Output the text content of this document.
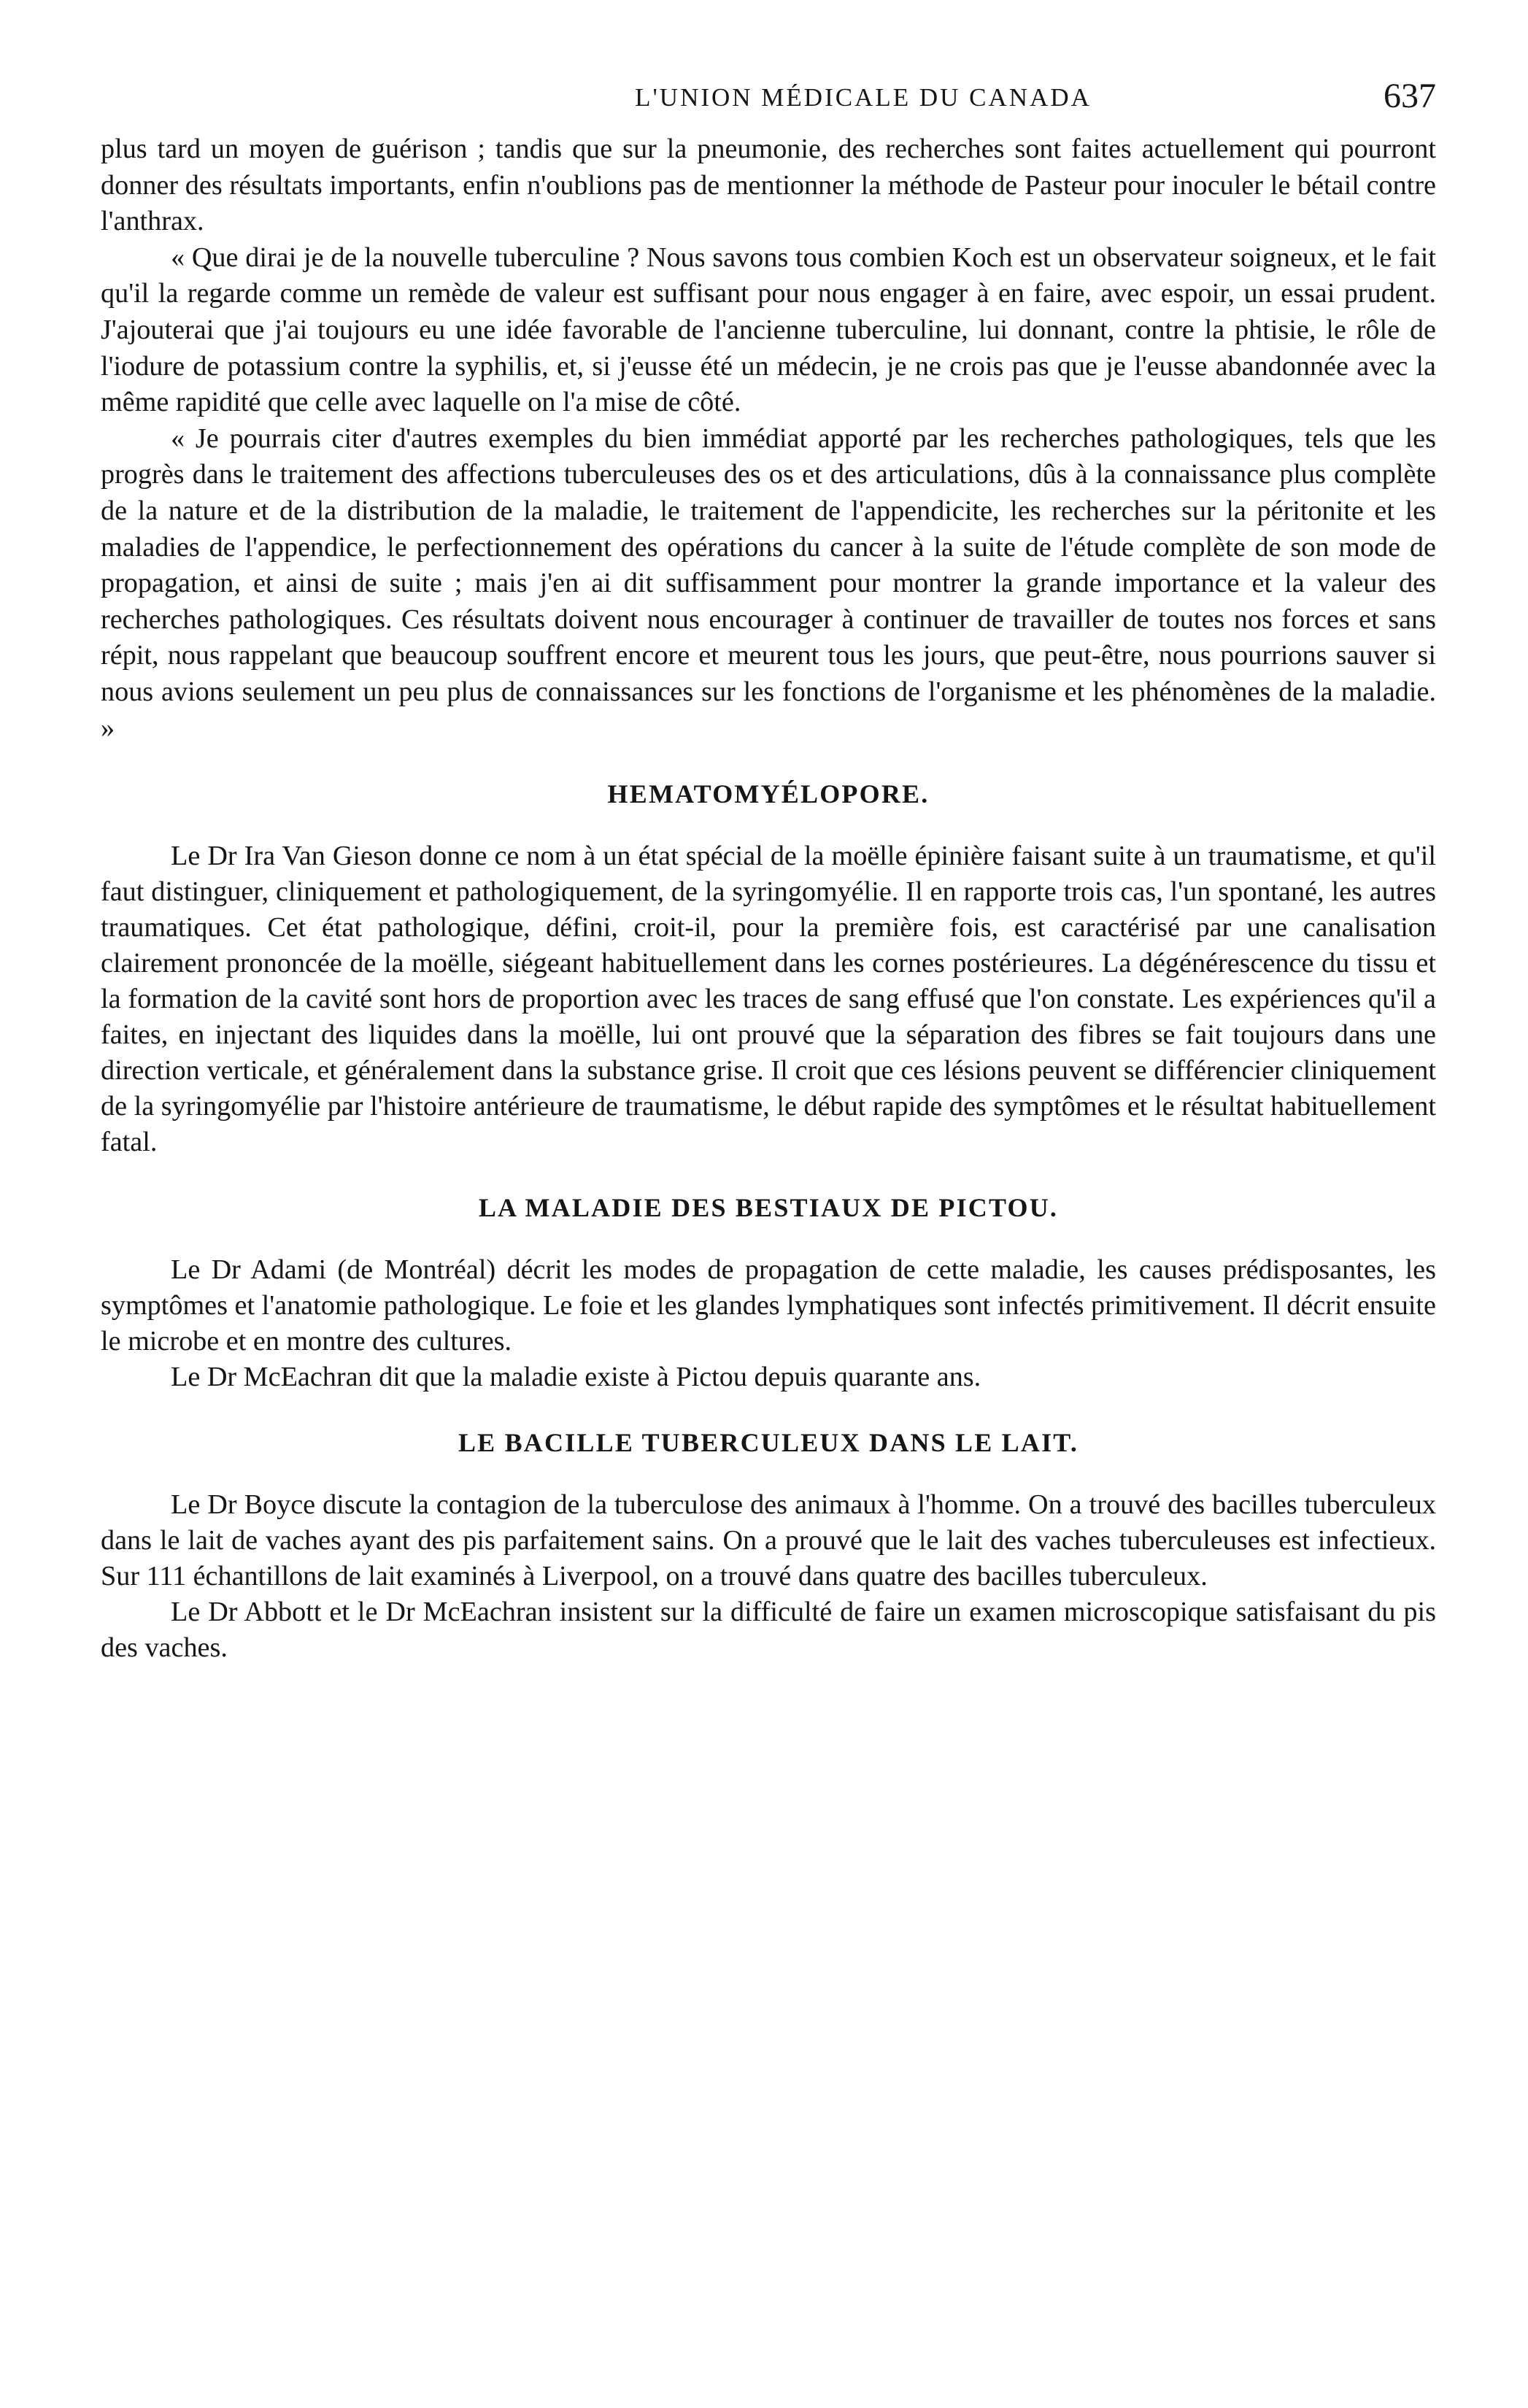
L'UNION MÉDICALE DU CANADA	637

plus tard un moyen de guérison ; tandis que sur la pneumonie, des recherches sont faites actuellement qui pourront donner des résultats importants, enfin n'oublions pas de mentionner la méthode de Pasteur pour inoculer le bétail contre l'anthrax.

« Que dirai je de la nouvelle tuberculine ? Nous savons tous combien Koch est un observateur soigneux, et le fait qu'il la regarde comme un remède de valeur est suffisant pour nous engager à en faire, avec espoir, un essai prudent. J'ajouterai que j'ai toujours eu une idée favorable de l'ancienne tuberculine, lui donnant, contre la phtisie, le rôle de l'iodure de potassium contre la syphilis, et, si j'eusse été un médecin, je ne crois pas que je l'eusse abandonnée avec la même rapidité que celle avec laquelle on l'a mise de côté.

« Je pourrais citer d'autres exemples du bien immédiat apporté par les recherches pathologiques, tels que les progrès dans le traitement des affections tuberculeuses des os et des articulations, dûs à la connaissance plus complète de la nature et de la distribution de la maladie, le traitement de l'appendicite, les recherches sur la péritonite et les maladies de l'appendice, le perfectionnement des opérations du cancer à la suite de l'étude complète de son mode de propagation, et ainsi de suite ; mais j'en ai dit suffisamment pour montrer la grande importance et la valeur des recherches pathologiques. Ces résultats doivent nous encourager à continuer de travailler de toutes nos forces et sans répit, nous rappelant que beaucoup souffrent encore et meurent tous les jours, que peut-être, nous pourrions sauver si nous avions seulement un peu plus de connaissances sur les fonctions de l'organisme et les phénomènes de la maladie. »

HEMATOMYÉLOPORE.

Le Dr Ira Van Gieson donne ce nom à un état spécial de la moëlle épinière faisant suite à un traumatisme, et qu'il faut distinguer, cliniquement et pathologiquement, de la syringomyélie. Il en rapporte trois cas, l'un spontané, les autres traumatiques. Cet état pathologique, défini, croit-il, pour la première fois, est caractérisé par une canalisation clairement prononcée de la moëlle, siégeant habituellement dans les cornes postérieures. La dégénérescence du tissu et la formation de la cavité sont hors de proportion avec les traces de sang effusé que l'on constate. Les expériences qu'il a faites, en injectant des liquides dans la moëlle, lui ont prouvé que la séparation des fibres se fait toujours dans une direction verticale, et généralement dans la substance grise. Il croit que ces lésions peuvent se différencier cliniquement de la syringomyélie par l'histoire antérieure de traumatisme, le début rapide des symptômes et le résultat habituellement fatal.

LA MALADIE DES BESTIAUX DE PICTOU.

Le Dr Adami (de Montréal) décrit les modes de propagation de cette maladie, les causes prédisposantes, les symptômes et l'anatomie pathologique. Le foie et les glandes lymphatiques sont infectés primitivement. Il décrit ensuite le microbe et en montre des cultures.

Le Dr McEachran dit que la maladie existe à Pictou depuis quarante ans.

LE BACILLE TUBERCULEUX DANS LE LAIT.

Le Dr Boyce discute la contagion de la tuberculose des animaux à l'homme. On a trouvé des bacilles tuberculeux dans le lait de vaches ayant des pis parfaitement sains. On a prouvé que le lait des vaches tuberculeuses est infectieux. Sur 111 échantillons de lait examinés à Liverpool, on a trouvé dans quatre des bacilles tuberculeux.

Le Dr Abbott et le Dr McEachran insistent sur la difficulté de faire un examen microscopique satisfaisant du pis des vaches.
